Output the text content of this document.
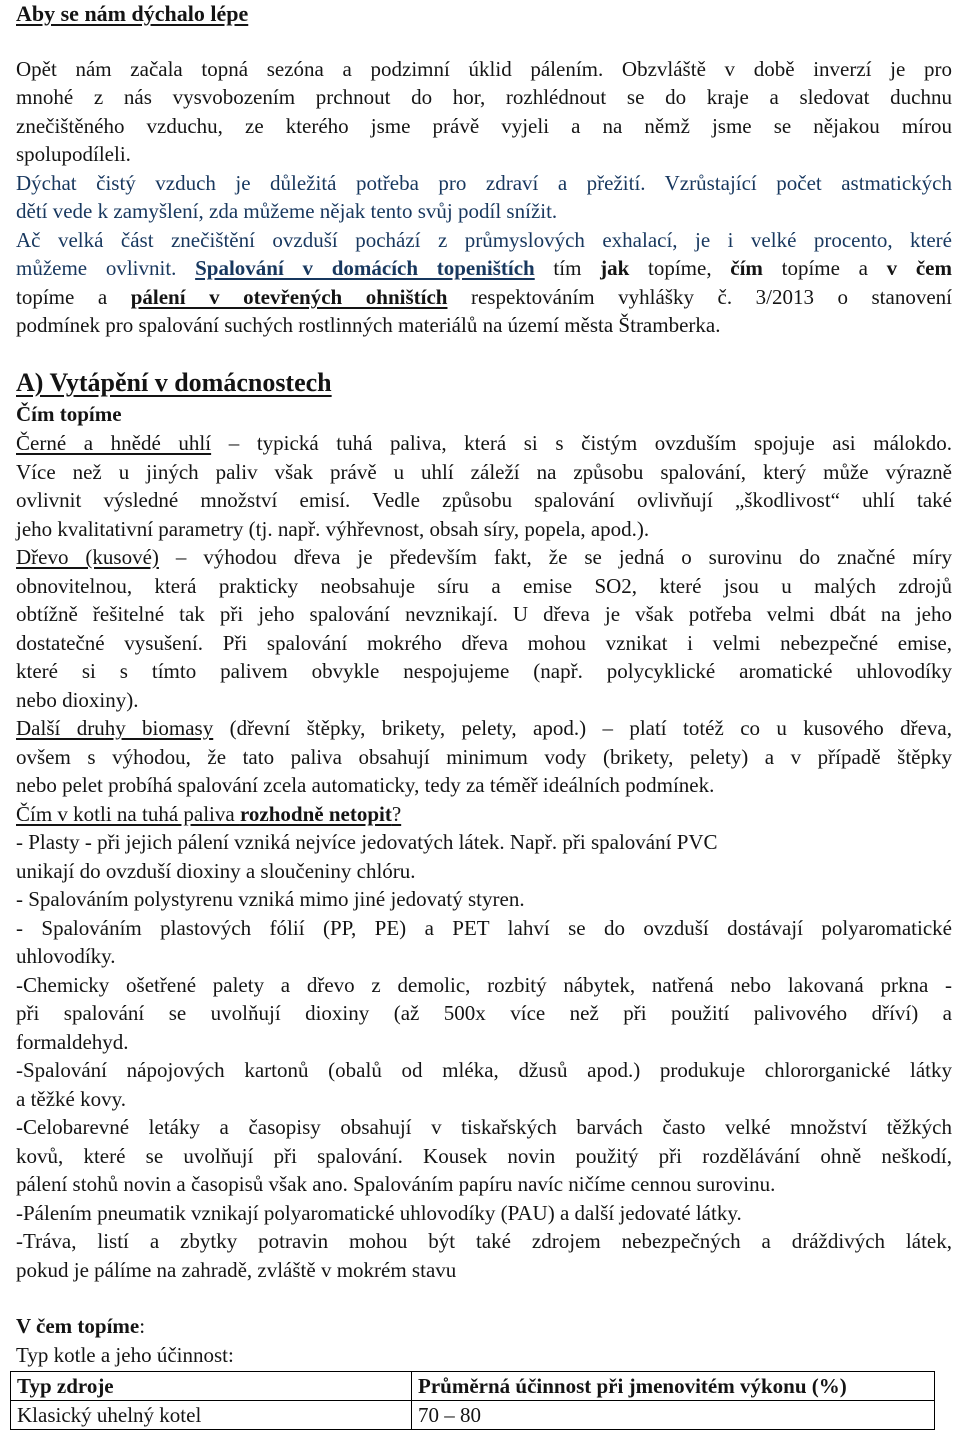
Aby se nám dýchalo lépe
Opět nám začala topná sezóna a podzimní úklid pálením. Obzvláště v době inverzí je pro
mnohé z nás vysvobozením prchnout do hor, rozhlédnout se do kraje a sledovat duchnu
znečištěného vzduchu, ze kterého jsme právě vyjeli a na němž jsme se nějakou mírou
spolupodíleli.
Dýchat čistý vzduch je důležitá potřeba pro zdraví a přežití. Vzrůstající počet astmatických
dětí vede k zamyšlení, zda můžeme nějak tento svůj podíl snížit.
Ač velká část znečištění ovzduší pochází z průmyslových exhalací, je i velké procento, které
můžeme ovlivnit. Spalování v domácích topeništích tím jak topíme, čím topíme a v čem
topíme a pálení v otevřených ohništích respektováním vyhlášky č. 3/2013 o stanovení
podmínek pro spalování suchých rostlinných materiálů na území města Štramberka.
A) Vytápění v domácnostech
Čím topíme
Černé a hnědé uhlí – typická tuhá paliva, která si s čistým ovzduším spojuje asi málokdo.
Více než u jiných paliv však právě u uhlí záleží na způsobu spalování, který může výrazně
ovlivnit výsledné množství emisí. Vedle způsobu spalování ovlivňují „škodlivost“ uhlí také
jeho kvalitativní parametry (tj. např. výhřevnost, obsah síry, popela, apod.).
Dřevo (kusové) – výhodou dřeva je především fakt, že se jedná o surovinu do značné míry
obnovitelnou, která prakticky neobsahuje síru a emise SO2, které jsou u malých zdrojů
obtížně řešitelné tak při jeho spalování nevznikají. U dřeva je však potřeba velmi dbát na jeho
dostatečné vysušení. Při spalování mokrého dřeva mohou vznikat i velmi nebezpečné emise,
které si s tímto palivem obvykle nespojujeme (např. polycyklické aromatické uhlovodíky
nebo dioxiny).
Další druhy biomasy (dřevní štěpky, brikety, pelety, apod.) – platí totéž co u kusového dřeva,
ovšem s výhodou, že tato paliva obsahují minimum vody (brikety, pelety) a v případě štěpky
nebo pelet probíhá spalování zcela automaticky, tedy za téměř ideálních podmínek.
Čím v kotli na tuhá paliva rozhodně netopit?
- Plasty - při jejich pálení vzniká nejvíce jedovatých látek. Např. při spalování PVC
unikají do ovzduší dioxiny a sloučeniny chlóru.
- Spalováním polystyrenu vzniká mimo jiné jedovatý styren.
- Spalováním plastových fólií (PP, PE) a PET lahví se do ovzduší dostávají polyaromatické
uhlovodíky.
-Chemicky ošetřené palety a dřevo z demolic, rozbitý nábytek, natřená nebo lakovaná prkna -
při spalování se uvolňují dioxiny (až 500x více než při použití palivového dříví) a
formaldehyd.
-Spalování nápojových kartonů (obalů od mléka, džusů apod.) produkuje chlororganické látky
a těžké kovy.
-Celobarevné letáky a časopisy obsahují v tiskařských barvách často velké množství těžkých
kovů, které se uvolňují při spalování. Kousek novin použitý při rozdělávání ohně neškodí,
pálení stohů novin a časopisů však ano. Spalováním papíru navíc ničíme cennou surovinu.
-Pálením pneumatik vznikají polyaromatické uhlovodíky (PAU) a další jedovaté látky.
-Tráva, listí a zbytky potravin mohou být také zdrojem nebezpečných a dráždivých látek,
pokud je pálíme na zahradě, zvláště v mokrém stavu
V čem topíme:
Typ kotle a jeho účinnost:
Typ zdroje	Průměrná účinnost při jmenovitém výkonu (%)
Klasický uhelný kotel	70 – 80
